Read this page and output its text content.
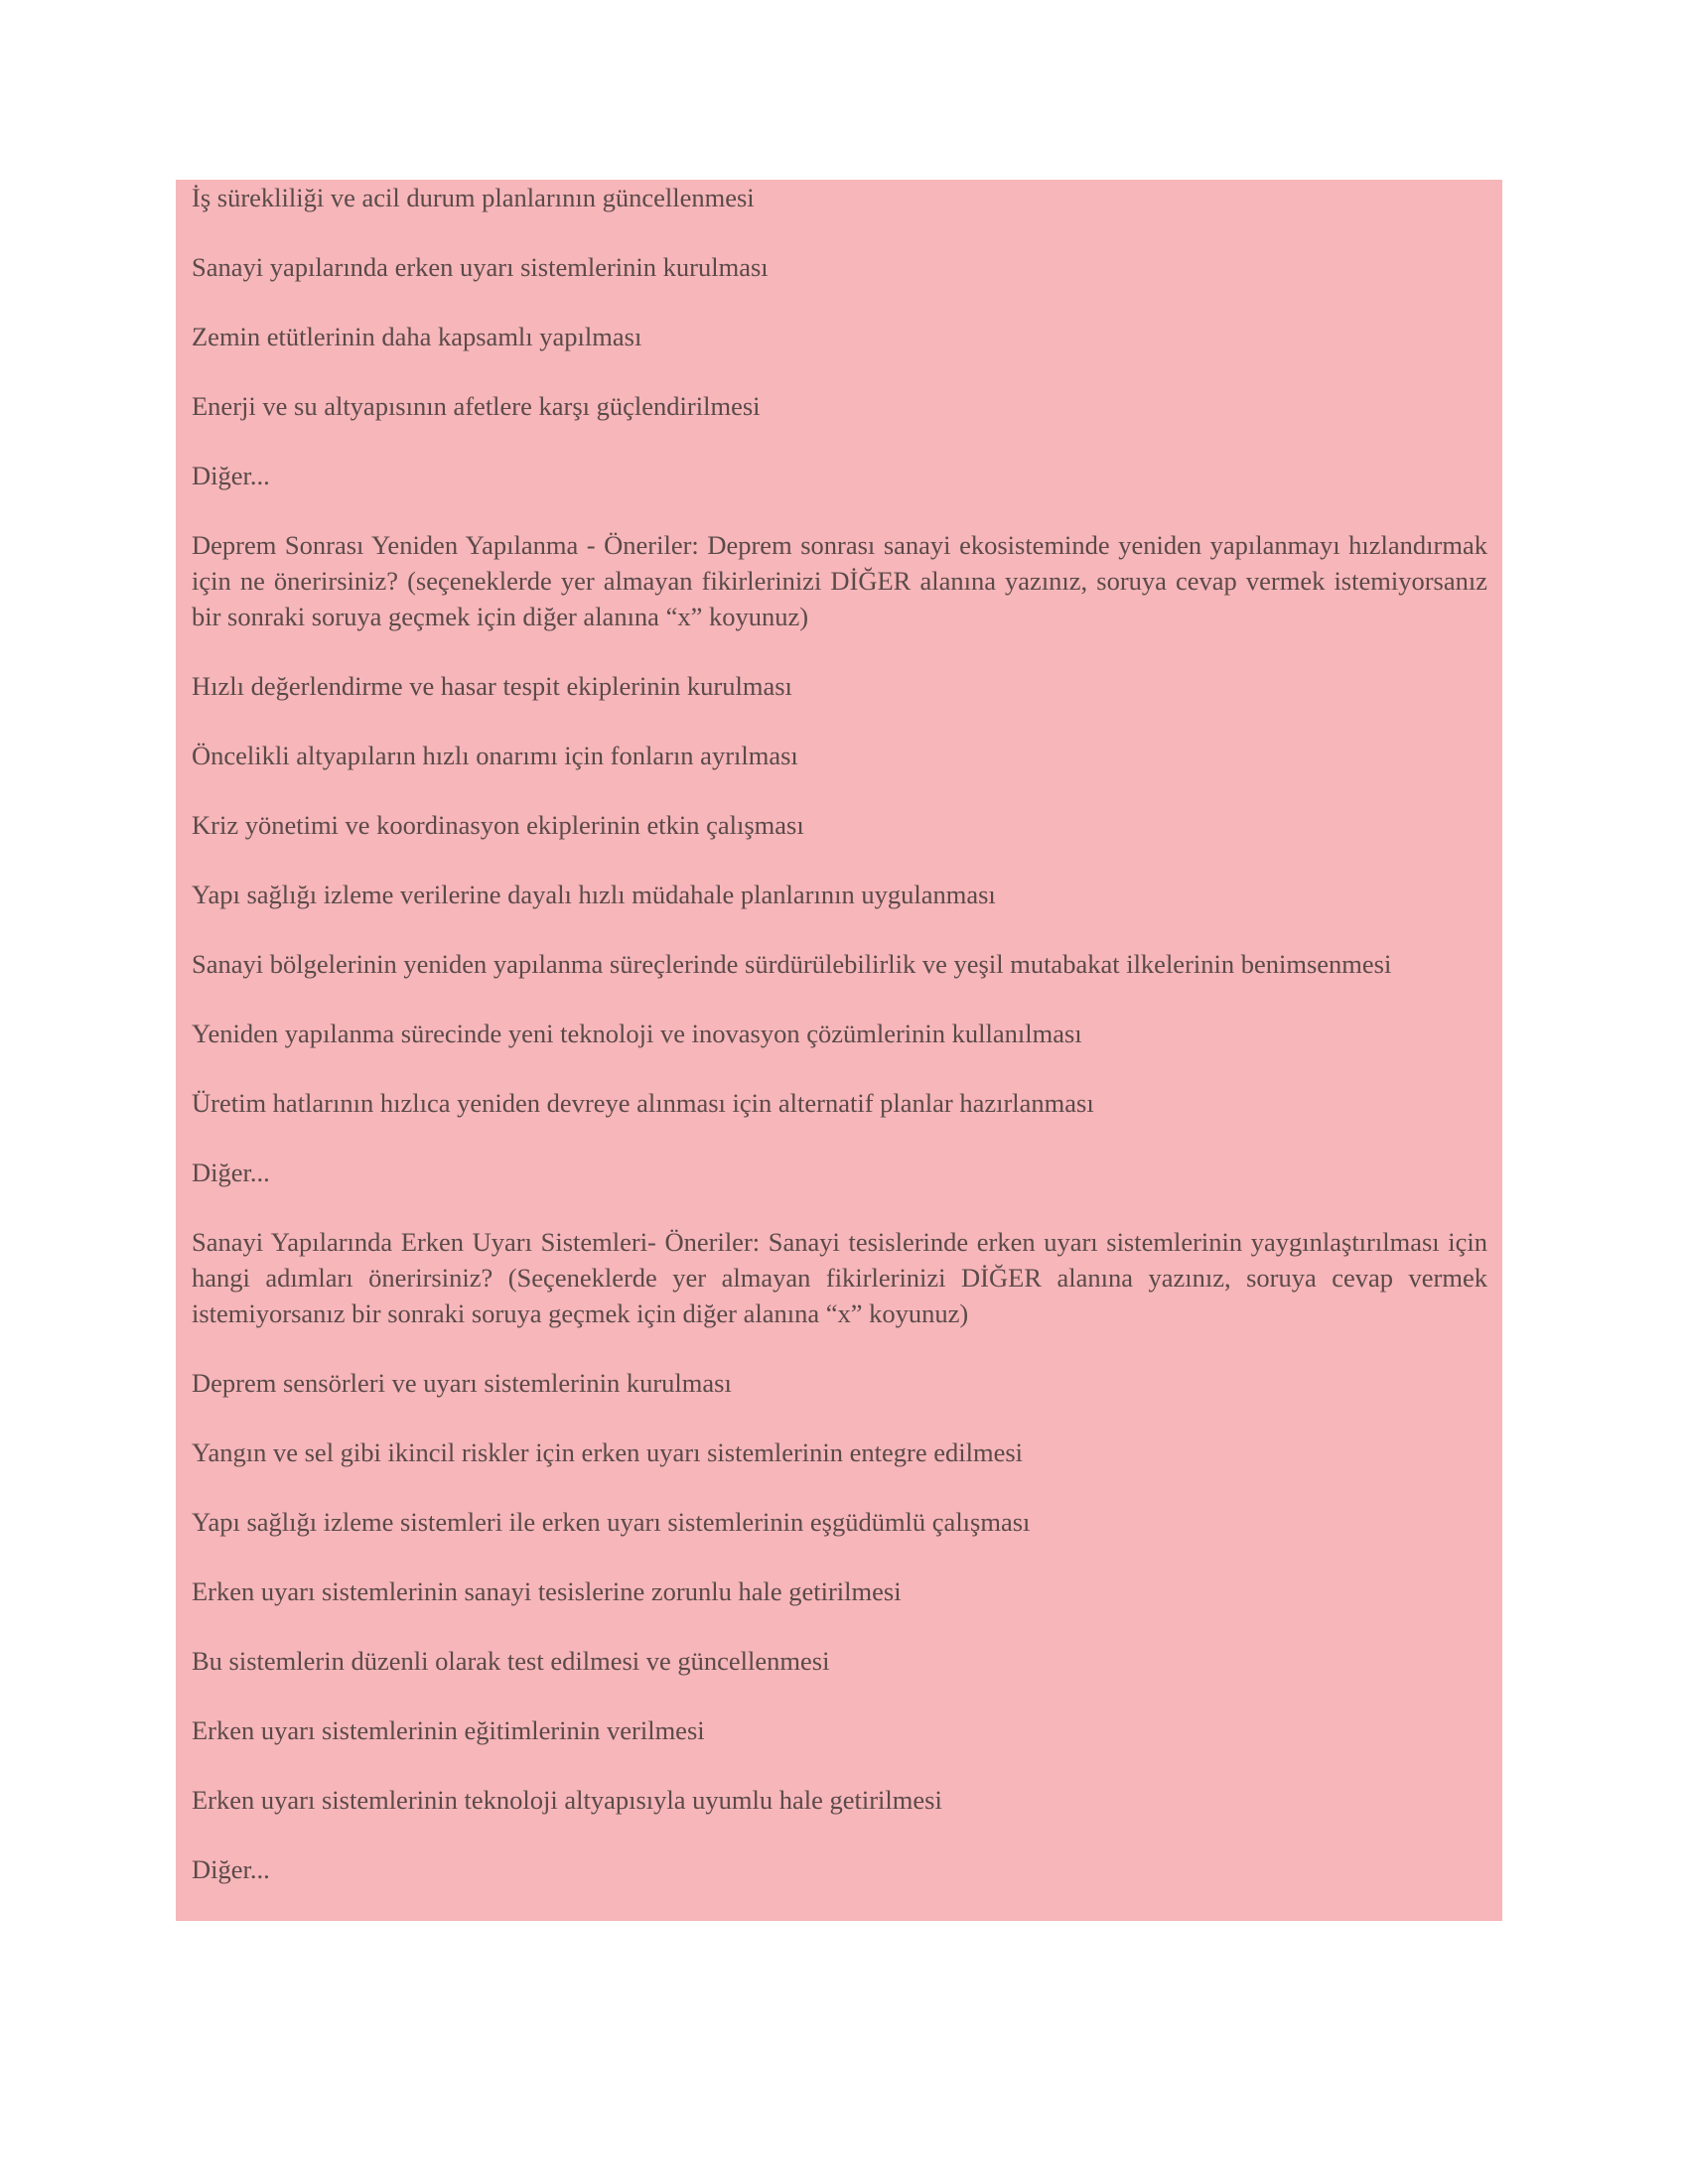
İş sürekliliği ve acil durum planlarının güncellenmesi

Sanayi yapılarında erken uyarı sistemlerinin kurulması

Zemin etütlerinin daha kapsamlı yapılması

Enerji ve su altyapısının afetlere karşı güçlendirilmesi

Diğer...

Deprem Sonrası Yeniden Yapılanma - Öneriler: Deprem sonrası sanayi ekosisteminde yeniden yapılanmayı hızlandırmak için ne önerirsiniz? (seçeneklerde yer almayan fikirlerinizi DİĞER alanına yazınız, soruya cevap vermek istemiyorsanız bir sonraki soruya geçmek için diğer alanına “x” koyunuz)

Hızlı değerlendirme ve hasar tespit ekiplerinin kurulması

Öncelikli altyapıların hızlı onarımı için fonların ayrılması

Kriz yönetimi ve koordinasyon ekiplerinin etkin çalışması

Yapı sağlığı izleme verilerine dayalı hızlı müdahale planlarının uygulanması

Sanayi bölgelerinin yeniden yapılanma süreçlerinde sürdürülebilirlik ve yeşil mutabakat ilkelerinin benimsenmesi

Yeniden yapılanma sürecinde yeni teknoloji ve inovasyon çözümlerinin kullanılması

Üretim hatlarının hızlıca yeniden devreye alınması için alternatif planlar hazırlanması

Diğer...

Sanayi Yapılarında Erken Uyarı Sistemleri- Öneriler: Sanayi tesislerinde erken uyarı sistemlerinin yaygınlaştırılması için hangi adımları önerirsiniz? (Seçeneklerde yer almayan fikirlerinizi DİĞER alanına yazınız, soruya cevap vermek istemiyorsanız bir sonraki soruya geçmek için diğer alanına “x” koyunuz)

Deprem sensörleri ve uyarı sistemlerinin kurulması

Yangın ve sel gibi ikincil riskler için erken uyarı sistemlerinin entegre edilmesi

Yapı sağlığı izleme sistemleri ile erken uyarı sistemlerinin eşgüdümlü çalışması

Erken uyarı sistemlerinin sanayi tesislerine zorunlu hale getirilmesi

Bu sistemlerin düzenli olarak test edilmesi ve güncellenmesi

Erken uyarı sistemlerinin eğitimlerinin verilmesi

Erken uyarı sistemlerinin teknoloji altyapısıyla uyumlu hale getirilmesi

Diğer...
